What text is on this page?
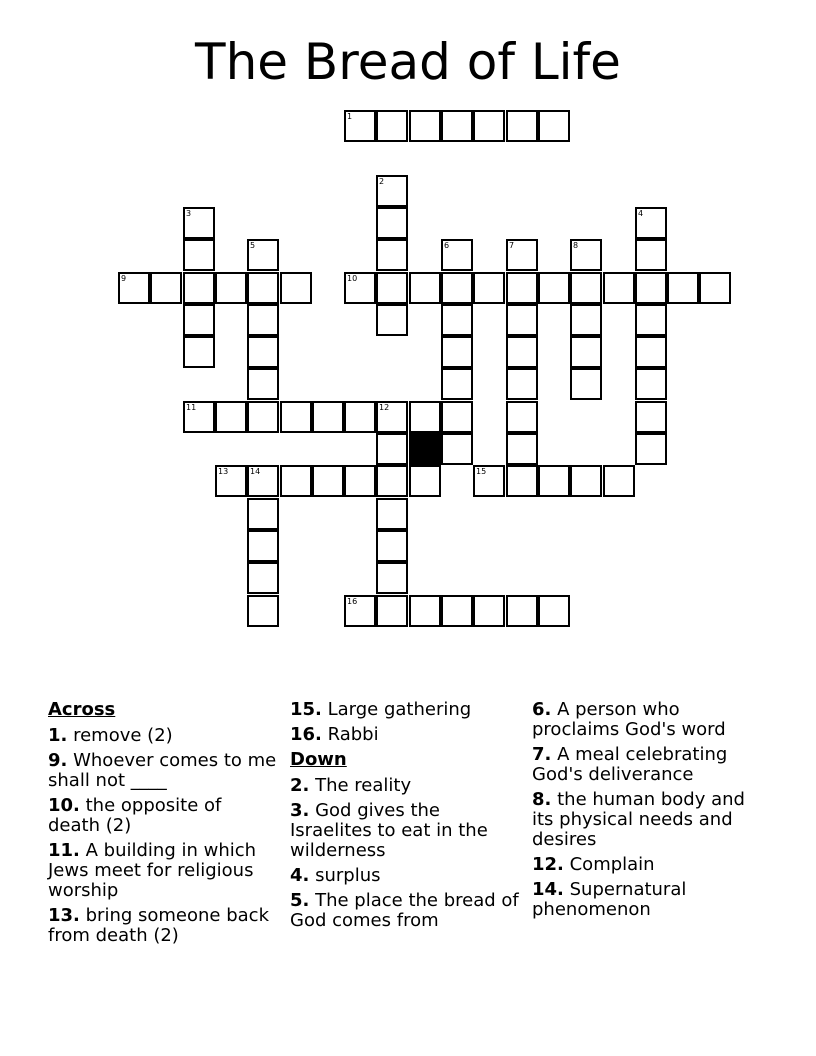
The Bread of Life
1
9	10
11	12
13	14	15
16
2
3	4
5	6	7	8
Across
1. remove (2)
9. Whoever comes to me shall not ____
10. the opposite of death (2)
11. A building in which Jews meet for religious worship
13. bring someone back from death (2)
15. Large gathering
16. Rabbi
Down
2. The reality
3. God gives the Israelites to eat in the wilderness
4. surplus
5. The place the bread of God comes from
6. A person who proclaims God's word
7. A meal celebrating God's deliverance
8. the human body and its physical needs and desires
12. Complain
14. Supernatural phenomenon
